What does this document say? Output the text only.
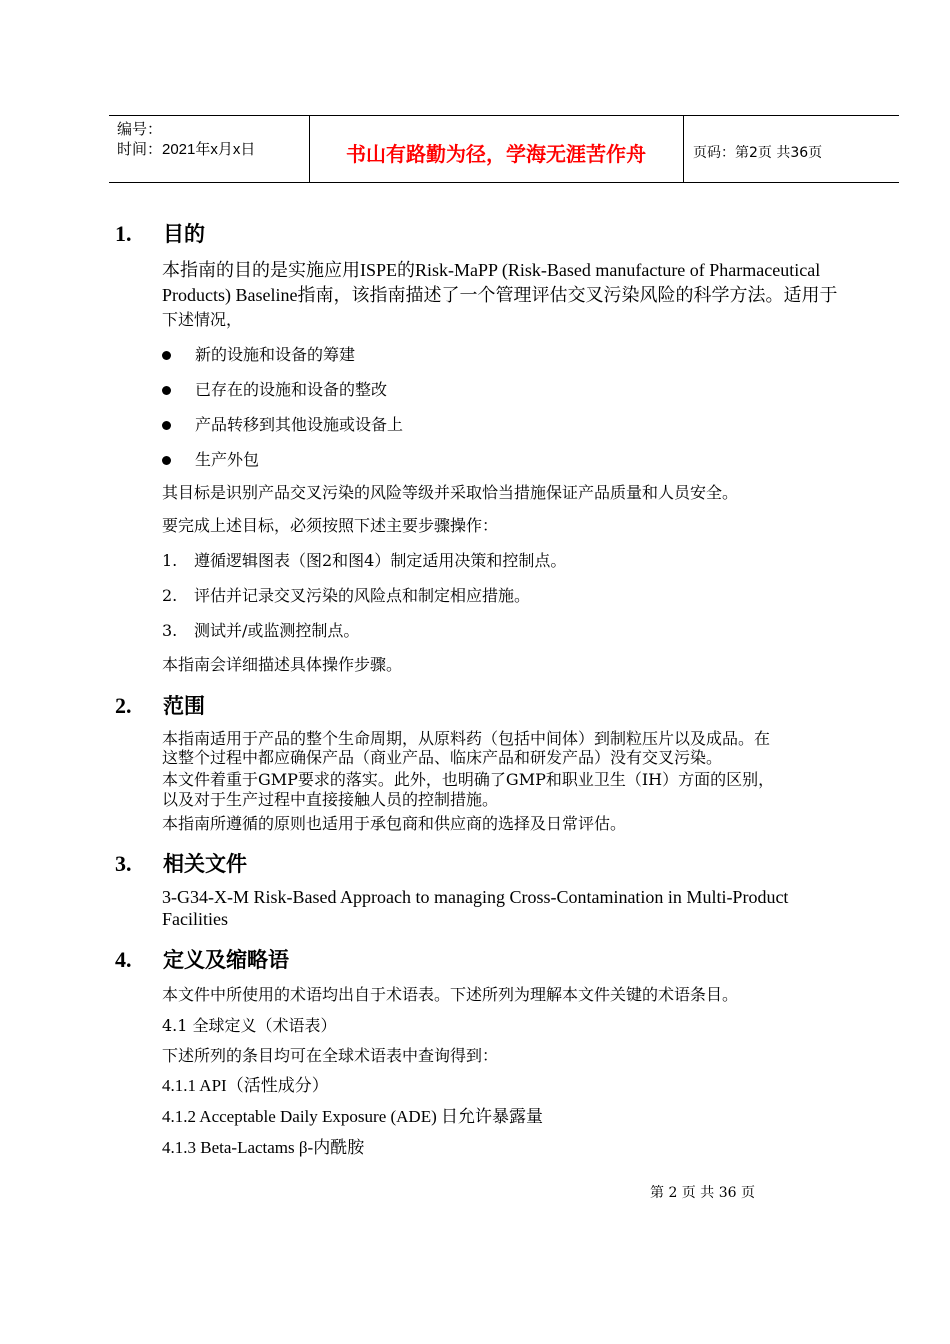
编号：
时间：2021年x月x日	书山有路勤为径，学海无涯苦作舟	页码：第2页 共36页
1. 目的
本指南的目的是实施应用ISPE的Risk-MaPP (Risk-Based manufacture of Pharmaceutical
Products) Baseline指南，该指南描述了一个管理评估交叉污染风险的科学方法。适用于
下述情况，
新的设施和设备的筹建
已存在的设施和设备的整改
产品转移到其他设施或设备上
生产外包
其目标是识别产品交叉污染的风险等级并采取恰当措施保证产品质量和人员安全。
要完成上述目标，必须按照下述主要步骤操作：
1. 遵循逻辑图表（图2和图4）制定适用决策和控制点。
2. 评估并记录交叉污染的风险点和制定相应措施。
3. 测试并/或监测控制点。
本指南会详细描述具体操作步骤。
2. 范围
本指南适用于产品的整个生命周期，从原料药（包括中间体）到制粒压片以及成品。在
这整个过程中都应确保产品（商业产品、临床产品和研发产品）没有交叉污染。
本文件着重于GMP要求的落实。此外，也明确了GMP和职业卫生（IH）方面的区别，
以及对于生产过程中直接接触人员的控制措施。
本指南所遵循的原则也适用于承包商和供应商的选择及日常评估。
3. 相关文件
3-G34-X-M Risk-Based Approach to managing Cross-Contamination in Multi-Product
Facilities
4. 定义及缩略语
本文件中所使用的术语均出自于术语表。下述所列为理解本文件关键的术语条目。
4.1 全球定义（术语表）
下述所列的条目均可在全球术语表中查询得到：
4.1.1 API（活性成分）
4.1.2 Acceptable Daily Exposure (ADE) 日允许暴露量
4.1.3 Beta-Lactams β-内酰胺
第 2 页 共 36 页
